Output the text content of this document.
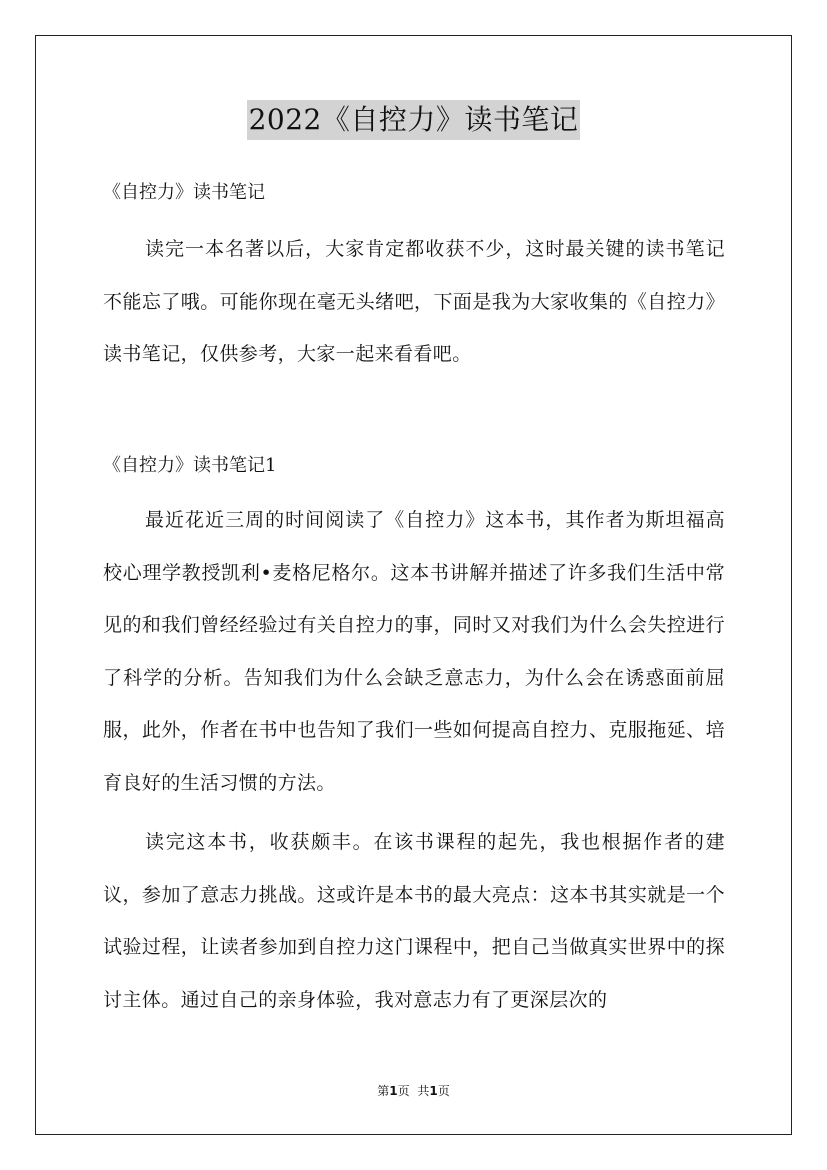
2022《自控力》读书笔记
《自控力》读书笔记
读完一本名著以后，大家肯定都收获不少，这时最关键的读书笔记不能忘了哦。可能你现在毫无头绪吧，下面是我为大家收集的《自控力》读书笔记，仅供参考，大家一起来看看吧。
《自控力》读书笔记1
最近花近三周的时间阅读了《自控力》这本书，其作者为斯坦福高校心理学教授凯利•麦格尼格尔。这本书讲解并描述了许多我们生活中常见的和我们曾经经验过有关自控力的事，同时又对我们为什么会失控进行了科学的分析。告知我们为什么会缺乏意志力，为什么会在诱惑面前屈服，此外，作者在书中也告知了我们一些如何提高自控力、克服拖延、培育良好的生活习惯的方法。
读完这本书，收获颇丰。在该书课程的起先，我也根据作者的建议，参加了意志力挑战。这或许是本书的最大亮点：这本书其实就是一个试验过程，让读者参加到自控力这门课程中，把自己当做真实世界中的探讨主体。通过自己的亲身体验，我对意志力有了更深层次的
第1页 共1页
